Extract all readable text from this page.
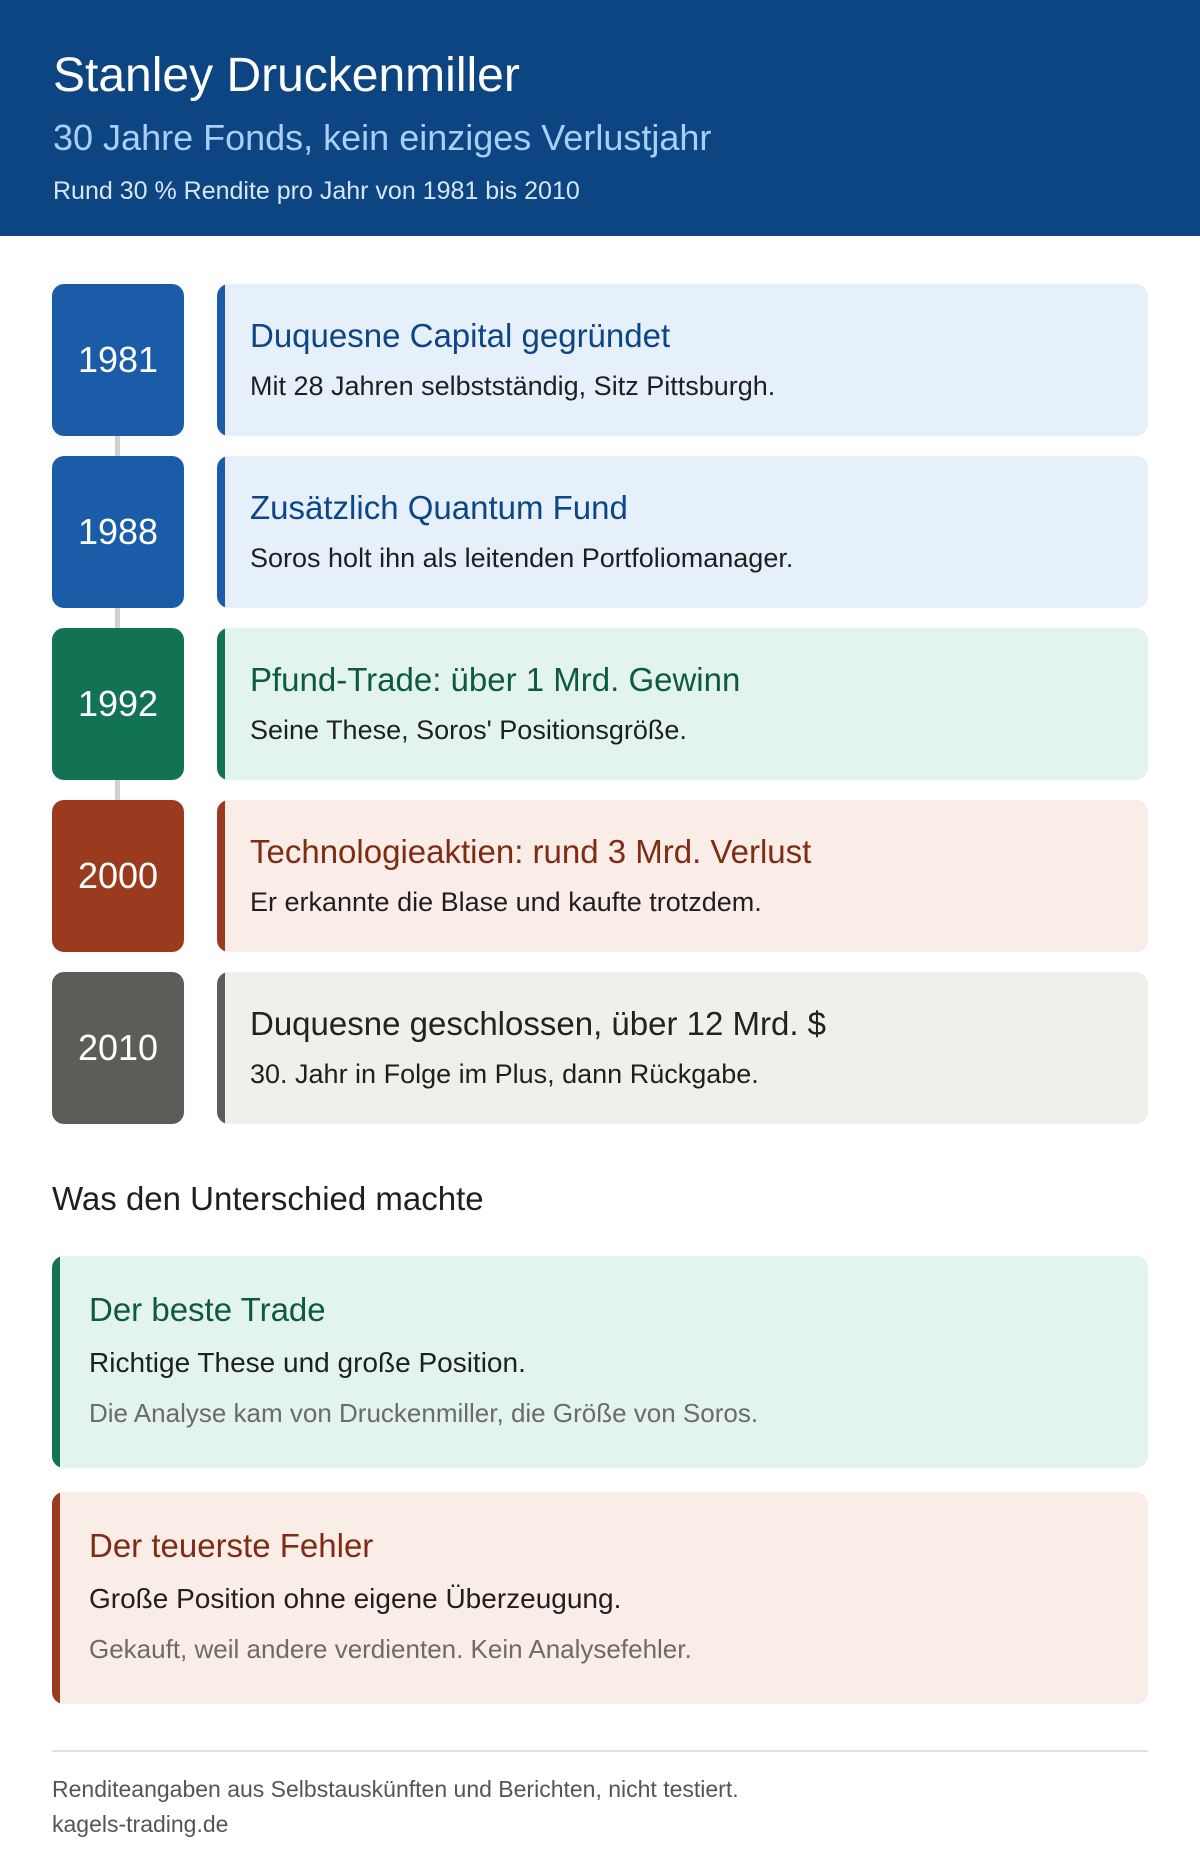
Stanley Druckenmiller
30 Jahre Fonds, kein einziges Verlustjahr
Rund 30 % Rendite pro Jahr von 1981 bis 2010
1981
Duquesne Capital gegründet
Mit 28 Jahren selbstständig, Sitz Pittsburgh.
1988
Zusätzlich Quantum Fund
Soros holt ihn als leitenden Portfoliomanager.
1992
Pfund-Trade: über 1 Mrd. Gewinn
Seine These, Soros' Positionsgröße.
2000
Technologieaktien: rund 3 Mrd. Verlust
Er erkannte die Blase und kaufte trotzdem.
2010
Duquesne geschlossen, über 12 Mrd. $
30. Jahr in Folge im Plus, dann Rückgabe.
Was den Unterschied machte
Der beste Trade
Richtige These und große Position.
Die Analyse kam von Druckenmiller, die Größe von Soros.
Der teuerste Fehler
Große Position ohne eigene Überzeugung.
Gekauft, weil andere verdienten. Kein Analysefehler.
Renditeangaben aus Selbstauskünften und Berichten, nicht testiert.
kagels-trading.de
